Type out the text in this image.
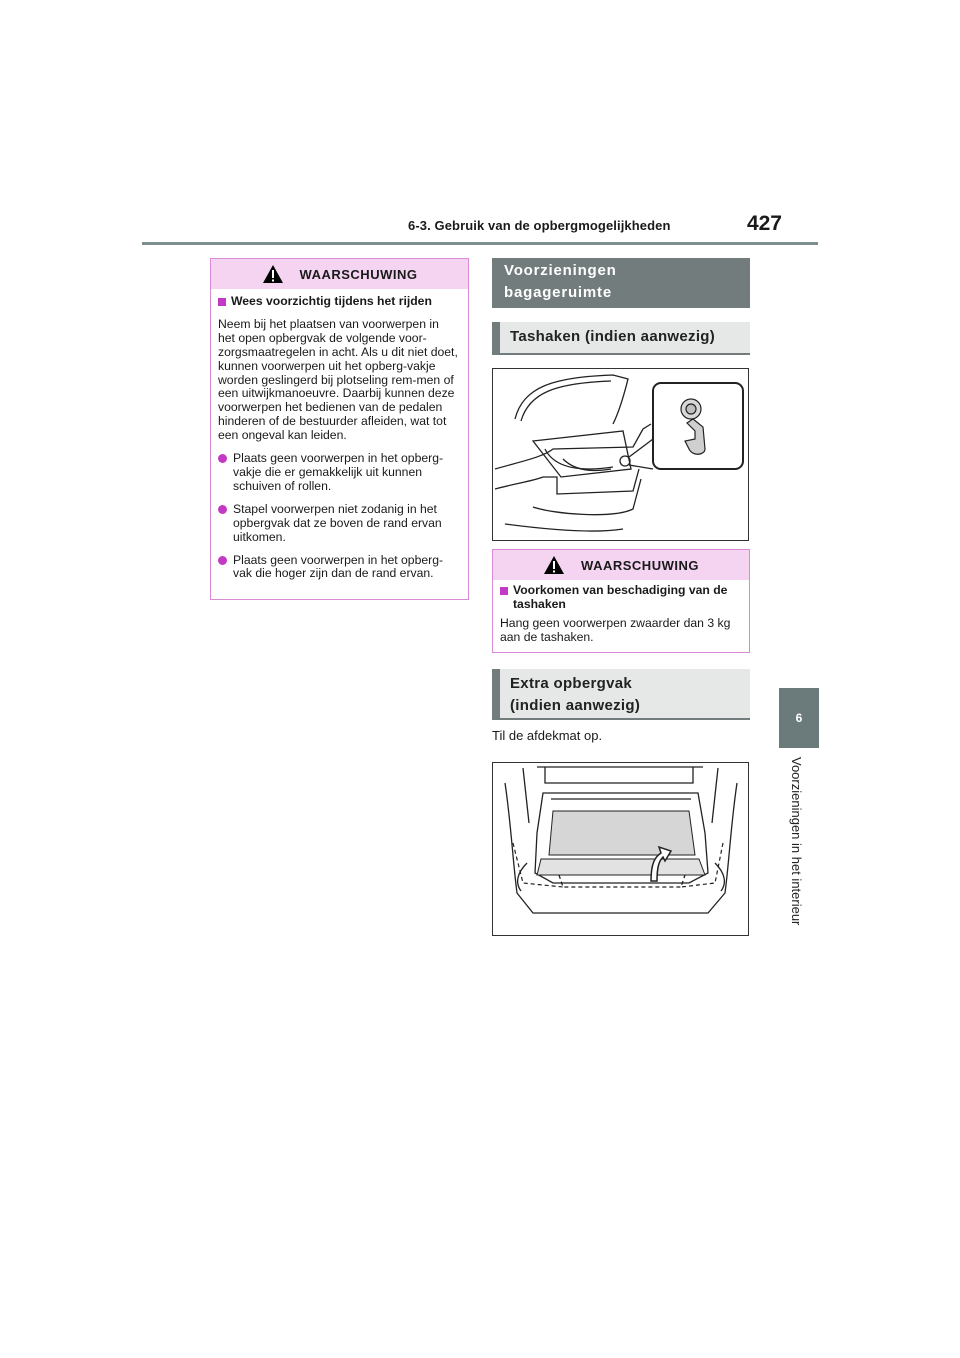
6-3. Gebruik van de opbergmogelijkheden	427
6
Voorzieningen in het interieur
WAARSCHUWING
Wees voorzichtig tijdens het rijden
Neem bij het plaatsen van voorwerpen in het open opbergvak de volgende voor-zorgsmaatregelen in acht. Als u dit niet doet, kunnen voorwerpen uit het opberg-vakje worden geslingerd bij plotseling rem-men of een uitwijkmanoeuvre. Daarbij kunnen deze voorwerpen het bedienen van de pedalen hinderen of de bestuurder afleiden, wat tot een ongeval kan leiden.
Plaats geen voorwerpen in het opberg-vakje die er gemakkelijk uit kunnen schuiven of rollen.
Stapel voorwerpen niet zodanig in het opbergvak dat ze boven de rand ervan uitkomen.
Plaats geen voorwerpen in het opberg-vak die hoger zijn dan de rand ervan.
Voorzieningen
bagageruimte
Tashaken (indien aanwezig)
WAARSCHUWING
Voorkomen van beschadiging van de tashaken
Hang geen voorwerpen zwaarder dan 3 kg aan de tashaken.
Extra opbergvak
(indien aanwezig)
Til de afdekmat op.
